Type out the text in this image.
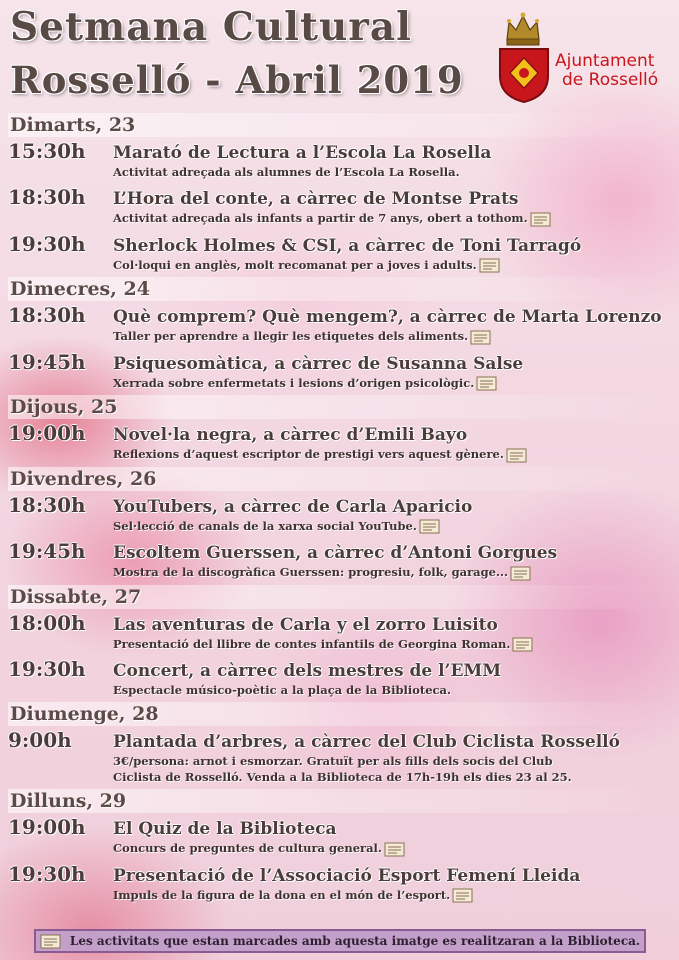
Setmana Cultural
Rosselló - Abril 2019	Ajuntament
de Rosselló
Dimarts, 23
15:30h	Marató de Lectura a l’Escola La Rosella
Activitat adreçada als alumnes de l’Escola La Rosella.
18:30h	L’Hora del conte, a càrrec de Montse Prats
Activitat adreçada als infants a partir de 7 anys, obert a tothom.
19:30h	Sherlock Holmes & CSI, a càrrec de Toni Tarragó
Col·loqui en anglès, molt recomanat per a joves i adults.
Dimecres, 24
18:30h	Què comprem? Què mengem?, a càrrec de Marta Lorenzo
Taller per aprendre a llegir les etiquetes dels aliments.
19:45h	Psiquesomàtica, a càrrec de Susanna Salse
Xerrada sobre enfermetats i lesions d’origen psicològic.
Dijous, 25
19:00h	Novel·la negra, a càrrec d’Emili Bayo
Reflexions d’aquest escriptor de prestigi vers aquest gènere.
Divendres, 26
18:30h	YouTubers, a càrrec de Carla Aparicio
Sel·lecció de canals de la xarxa social YouTube.
19:45h	Escoltem Guerssen, a càrrec d’Antoni Gorgues
Mostra de la discogràfica Guerssen: progresiu, folk, garage...
Dissabte, 27
18:00h	Las aventuras de Carla y el zorro Luisito
Presentació del llibre de contes infantils de Georgina Roman.
19:30h	Concert, a càrrec dels mestres de l’EMM
Espectacle músico-poètic a la plaça de la Biblioteca.
Diumenge, 28
9:00h	Plantada d’arbres, a càrrec del Club Ciclista Rosselló
3€/persona: arnot i esmorzar. Gratuït per als fills dels socis del Club
Ciclista de Rosselló. Venda a la Biblioteca de 17h-19h els dies 23 al 25.
Dilluns, 29
19:00h	El Quiz de la Biblioteca
Concurs de preguntes de cultura general.
19:30h	Presentació de l’Associació Esport Femení Lleida
Impuls de la figura de la dona en el món de l’esport.
Les activitats que estan marcades amb aquesta imatge es realitzaran a la Biblioteca.
